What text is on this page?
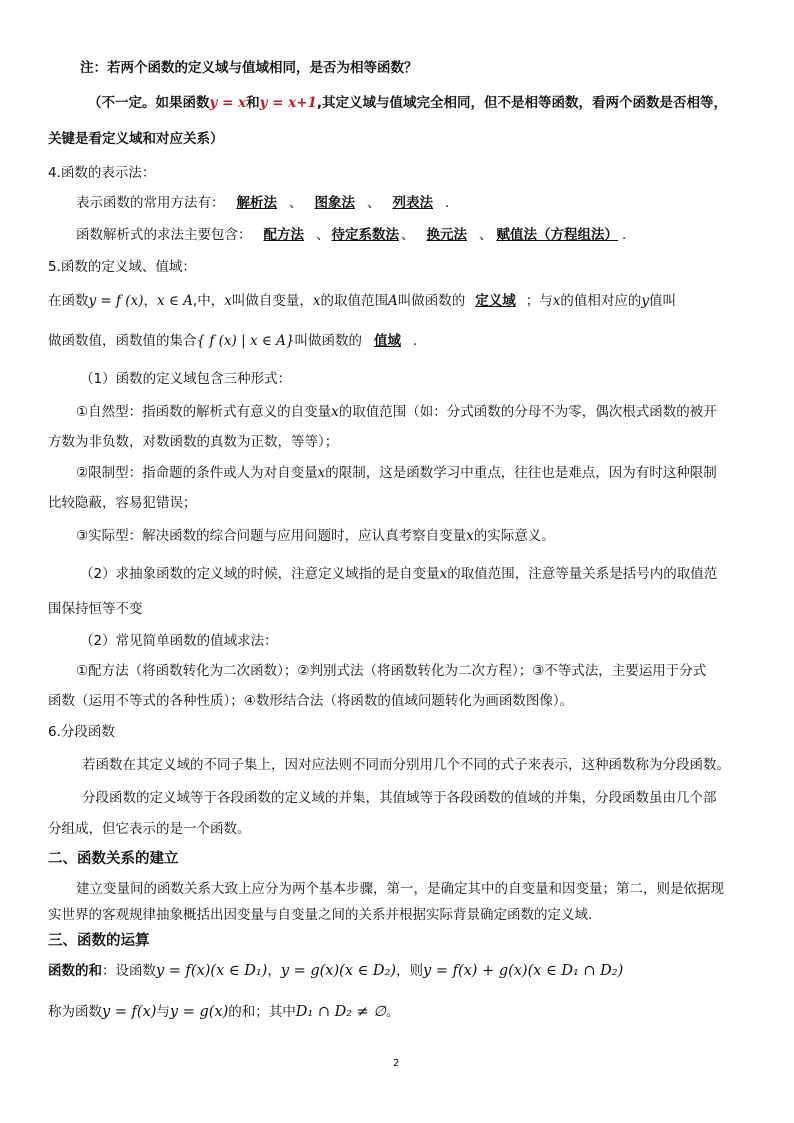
注：若两个函数的定义域与值域相同，是否为相等函数？
（不一定。如果函数y = x和y = x+1,其定义域与值域完全相同，但不是相等函数，看两个函数是否相等，
关键是看定义域和对应关系）
4.函数的表示法：
表示函数的常用方法有： 解析法 、 图象法 、 列表法 .
函数解析式的求法主要包含： 配方法 、 待定系数法 、 换元法 、 赋值法（方程组法） .
5.函数的定义域、值域：
在函数y = f (x)，x ∈ A,中，x叫做自变量，x的取值范围A叫做函数的 定义域 ；与x的值相对应的y值叫
做函数值，函数值的集合{ f (x) | x ∈ A}叫做函数的 值域 .
（1）函数的定义域包含三种形式：
①自然型：指函数的解析式有意义的自变量x的取值范围（如：分式函数的分母不为零，偶次根式函数的被开
方数为非负数，对数函数的真数为正数，等等）；
②限制型：指命题的条件或人为对自变量x的限制，这是函数学习中重点，往往也是难点，因为有时这种限制
比较隐蔽，容易犯错误；
③实际型：解决函数的综合问题与应用问题时，应认真考察自变量x的实际意义。
（2）求抽象函数的定义域的时候，注意定义域指的是自变量x的取值范围，注意等量关系是括号内的取值范
围保持恒等不变
（2）常见简单函数的值域求法：
①配方法（将函数转化为二次函数）；②判别式法（将函数转化为二次方程）；③不等式法，主要运用于分式
函数（运用不等式的各种性质）；④数形结合法（将函数的值域问题转化为画函数图像）。
6.分段函数
若函数在其定义域的不同子集上，因对应法则不同而分别用几个不同的式子来表示，这种函数称为分段函数。
分段函数的定义域等于各段函数的定义域的并集，其值域等于各段函数的值域的并集，分段函数虽由几个部
分组成，但它表示的是一个函数。
二、函数关系的建立
建立变量间的函数关系大致上应分为两个基本步骤，第一，是确定其中的自变量和因变量；第二，则是依据现
实世界的客观规律抽象概括出因变量与自变量之间的关系并根据实际背景确定函数的定义域.
三、函数的运算
函数的和：设函数y = f(x)(x ∈ D₁)，y = g(x)(x ∈ D₂)，则y = f(x) + g(x)(x ∈ D₁ ∩ D₂)
称为函数y = f(x)与y = g(x)的和；其中D₁ ∩ D₂ ≠ ∅。
2
